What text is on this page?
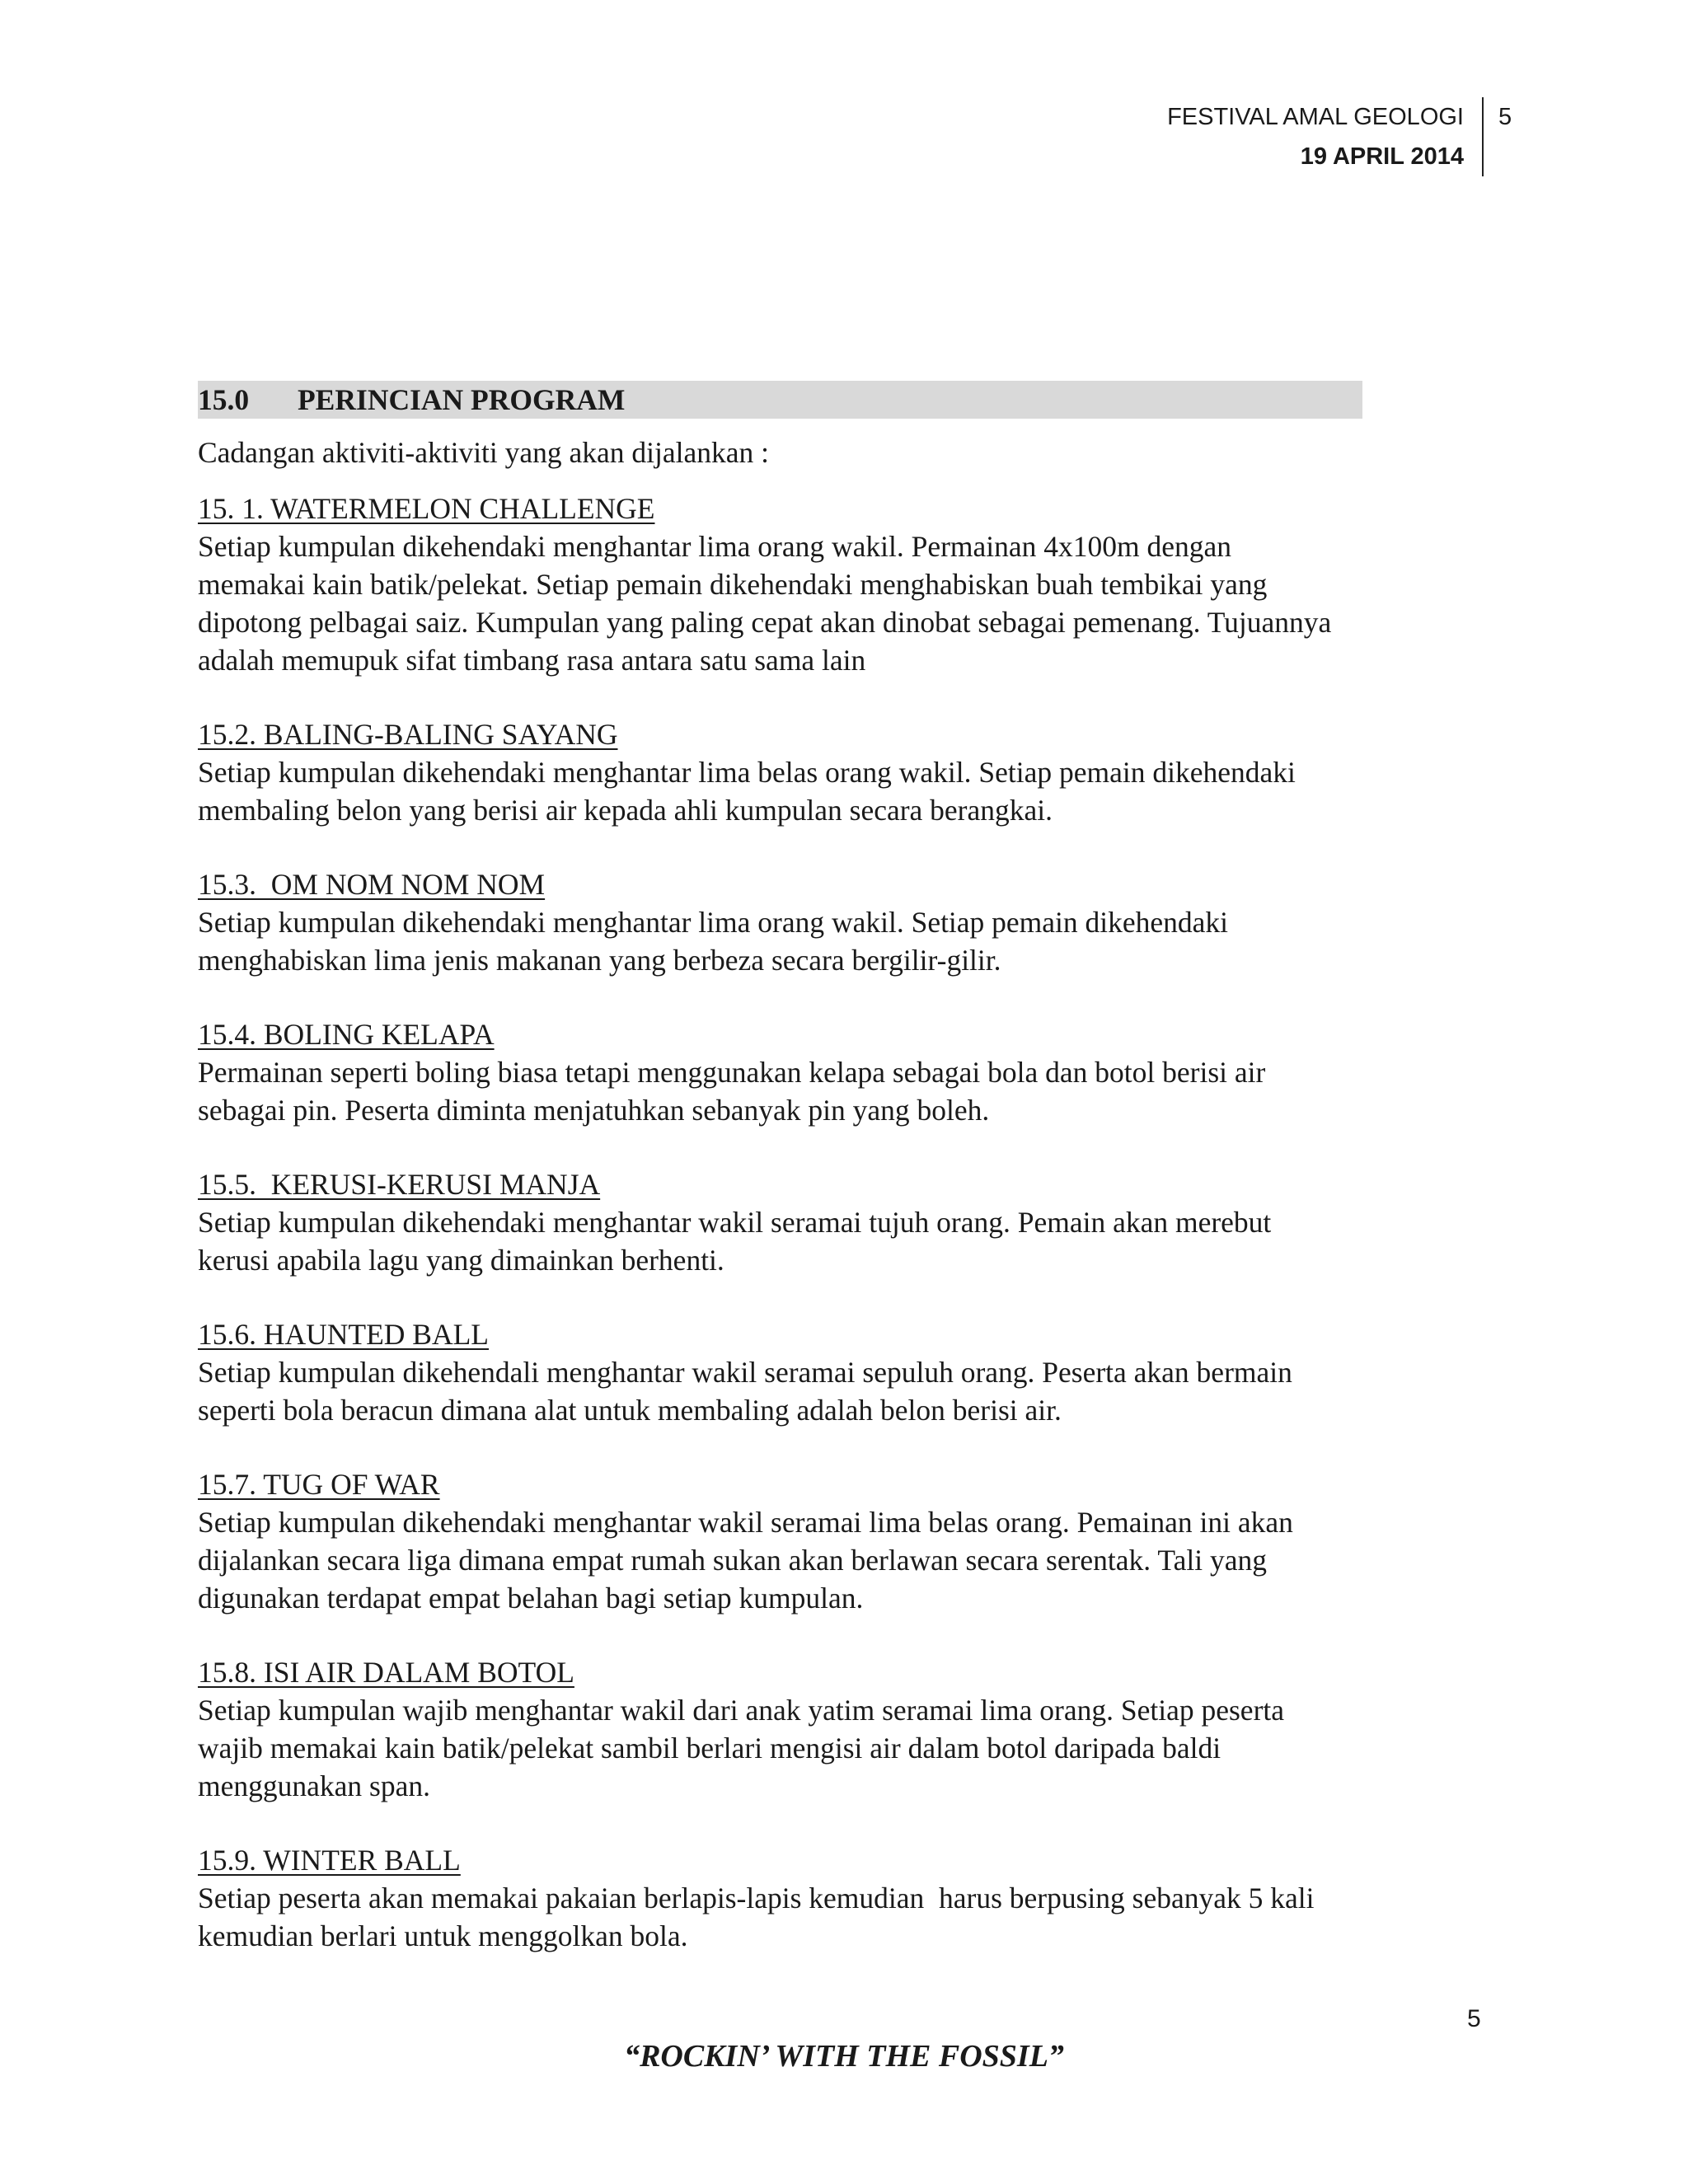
FESTIVAL AMAL GEOLOGI
19 APRIL 2014
5
15.0	PERINCIAN PROGRAM
Cadangan aktiviti-aktiviti yang akan dijalankan :
15. 1. WATERMELON CHALLENGE
Setiap kumpulan dikehendaki menghantar lima orang wakil. Permainan 4x100m dengan
memakai kain batik/pelekat. Setiap pemain dikehendaki menghabiskan buah tembikai yang
dipotong pelbagai saiz. Kumpulan yang paling cepat akan dinobat sebagai pemenang. Tujuannya
adalah memupuk sifat timbang rasa antara satu sama lain
15.2. BALING-BALING SAYANG
Setiap kumpulan dikehendaki menghantar lima belas orang wakil. Setiap pemain dikehendaki
membaling belon yang berisi air kepada ahli kumpulan secara berangkai.
15.3.  OM NOM NOM NOM
Setiap kumpulan dikehendaki menghantar lima orang wakil. Setiap pemain dikehendaki
menghabiskan lima jenis makanan yang berbeza secara bergilir-gilir.
15.4. BOLING KELAPA
Permainan seperti boling biasa tetapi menggunakan kelapa sebagai bola dan botol berisi air
sebagai pin. Peserta diminta menjatuhkan sebanyak pin yang boleh.
15.5.  KERUSI-KERUSI MANJA
Setiap kumpulan dikehendaki menghantar wakil seramai tujuh orang. Pemain akan merebut
kerusi apabila lagu yang dimainkan berhenti.
15.6. HAUNTED BALL
Setiap kumpulan dikehendali menghantar wakil seramai sepuluh orang. Peserta akan bermain
seperti bola beracun dimana alat untuk membaling adalah belon berisi air.
15.7. TUG OF WAR
Setiap kumpulan dikehendaki menghantar wakil seramai lima belas orang. Pemainan ini akan
dijalankan secara liga dimana empat rumah sukan akan berlawan secara serentak. Tali yang
digunakan terdapat empat belahan bagi setiap kumpulan.
15.8. ISI AIR DALAM BOTOL
Setiap kumpulan wajib menghantar wakil dari anak yatim seramai lima orang. Setiap peserta
wajib memakai kain batik/pelekat sambil berlari mengisi air dalam botol daripada baldi
menggunakan span.
15.9. WINTER BALL
Setiap peserta akan memakai pakaian berlapis-lapis kemudian  harus berpusing sebanyak 5 kali
kemudian berlari untuk menggolkan bola.
5
“ROCKIN’ WITH THE FOSSIL”
